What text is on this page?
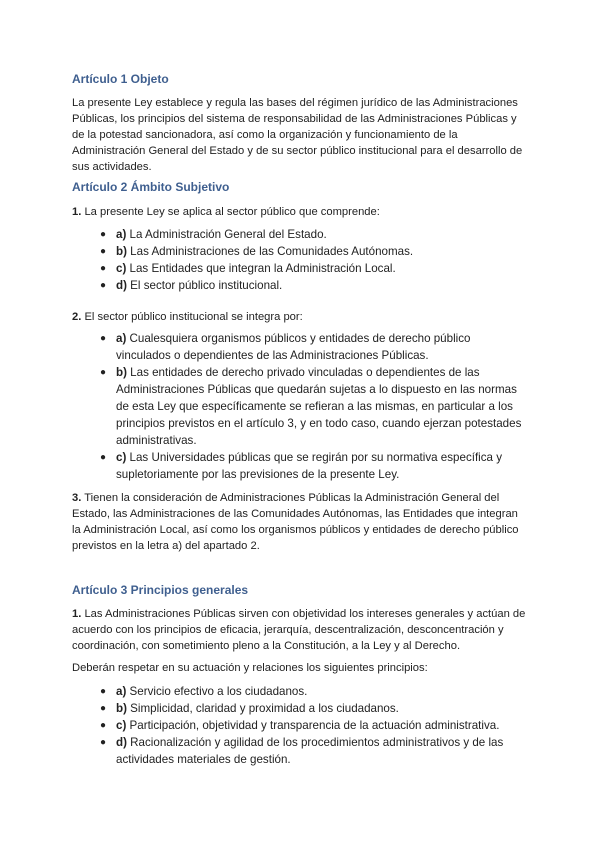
Artículo 1 Objeto

La presente Ley establece y regula las bases del régimen jurídico de las Administraciones Públicas, los principios del sistema de responsabilidad de las Administraciones Públicas y de la potestad sancionadora, así como la organización y funcionamiento de la Administración General del Estado y de su sector público institucional para el desarrollo de sus actividades.

Artículo 2 Ámbito Subjetivo

1. La presente Ley se aplica al sector público que comprende:

● a) La Administración General del Estado.
● b) Las Administraciones de las Comunidades Autónomas.
● c) Las Entidades que integran la Administración Local.
● d) El sector público institucional.

2. El sector público institucional se integra por:

● a) Cualesquiera organismos públicos y entidades de derecho público vinculados o dependientes de las Administraciones Públicas.
● b) Las entidades de derecho privado vinculadas o dependientes de las Administraciones Públicas que quedarán sujetas a lo dispuesto en las normas de esta Ley que específicamente se refieran a las mismas, en particular a los principios previstos en el artículo 3, y en todo caso, cuando ejerzan potestades administrativas.
● c) Las Universidades públicas que se regirán por su normativa específica y supletoriamente por las previsiones de la presente Ley.

3. Tienen la consideración de Administraciones Públicas la Administración General del Estado, las Administraciones de las Comunidades Autónomas, las Entidades que integran la Administración Local, así como los organismos públicos y entidades de derecho público previstos en la letra a) del apartado 2.

Artículo 3 Principios generales

1. Las Administraciones Públicas sirven con objetividad los intereses generales y actúan de acuerdo con los principios de eficacia, jerarquía, descentralización, desconcentración y coordinación, con sometimiento pleno a la Constitución, a la Ley y al Derecho.

Deberán respetar en su actuación y relaciones los siguientes principios:

● a) Servicio efectivo a los ciudadanos.
● b) Simplicidad, claridad y proximidad a los ciudadanos.
● c) Participación, objetividad y transparencia de la actuación administrativa.
● d) Racionalización y agilidad de los procedimientos administrativos y de las actividades materiales de gestión.
